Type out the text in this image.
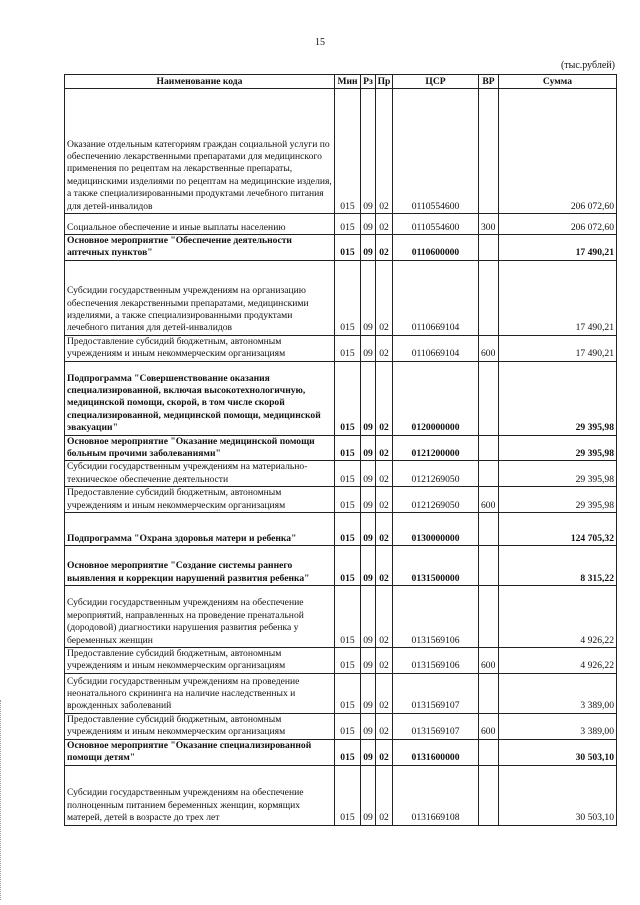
15
(тыс.рублей)
Наименование кода	Мин	Рз	Пр	ЦСР	ВР	Сумма
Оказание отдельным категориям граждан социальной услуги по обеспечению лекарственными препаратами для медицинского применения по рецептам на лекарственные препараты, медицинскими изделиями по рецептам на медицинские изделия, а также специализированными продуктами лечебного питания для детей-инвалидов	015	09	02	0110554600		206 072,60
Социальное обеспечение и иные выплаты населению	015	09	02	0110554600	300	206 072,60
Основное мероприятие "Обеспечение деятельности аптечных пунктов"	015	09	02	0110600000		17 490,21
Субсидии государственным учреждениям на организацию обеспечения лекарственными препаратами, медицинскими изделиями, а также специализированными продуктами лечебного питания для детей-инвалидов	015	09	02	0110669104		17 490,21
Предоставление субсидий бюджетным, автономным учреждениям и иным некоммерческим организациям	015	09	02	0110669104	600	17 490,21
Подпрограмма "Совершенствование оказания специализированной, включая высокотехнологичную, медицинской помощи, скорой, в том числе скорой специализированной, медицинской помощи, медицинской эвакуации"	015	09	02	0120000000		29 395,98
Основное мероприятие "Оказание медицинской помощи больным прочими заболеваниями"	015	09	02	0121200000		29 395,98
Субсидии государственным учреждениям на материально-техническое обеспечение деятельности	015	09	02	0121269050		29 395,98
Предоставление субсидий бюджетным, автономным учреждениям и иным некоммерческим организациям	015	09	02	0121269050	600	29 395,98
Подпрограмма "Охрана здоровья матери и ребенка"	015	09	02	0130000000		124 705,32
Основное мероприятие "Создание системы раннего выявления и коррекции нарушений развития ребенка"	015	09	02	0131500000		8 315,22
Субсидии государственным учреждениям на обеспечение мероприятий, направленных на проведение пренатальной (дородовой) диагностики нарушения развития ребенка у беременных женщин	015	09	02	0131569106		4 926,22
Предоставление субсидий бюджетным, автономным учреждениям и иным некоммерческим организациям	015	09	02	0131569106	600	4 926,22
Субсидии государственным учреждениям на проведение неонатального скрининга на наличие наследственных и врожденных заболеваний	015	09	02	0131569107		3 389,00
Предоставление субсидий бюджетным, автономным учреждениям и иным некоммерческим организациям	015	09	02	0131569107	600	3 389,00
Основное мероприятие "Оказание специализированной помощи детям"	015	09	02	0131600000		30 503,10
Субсидии государственным учреждениям на обеспечение полноценным питанием беременных женщин, кормящих матерей, детей в возрасте до трех лет	015	09	02	0131669108		30 503,10
